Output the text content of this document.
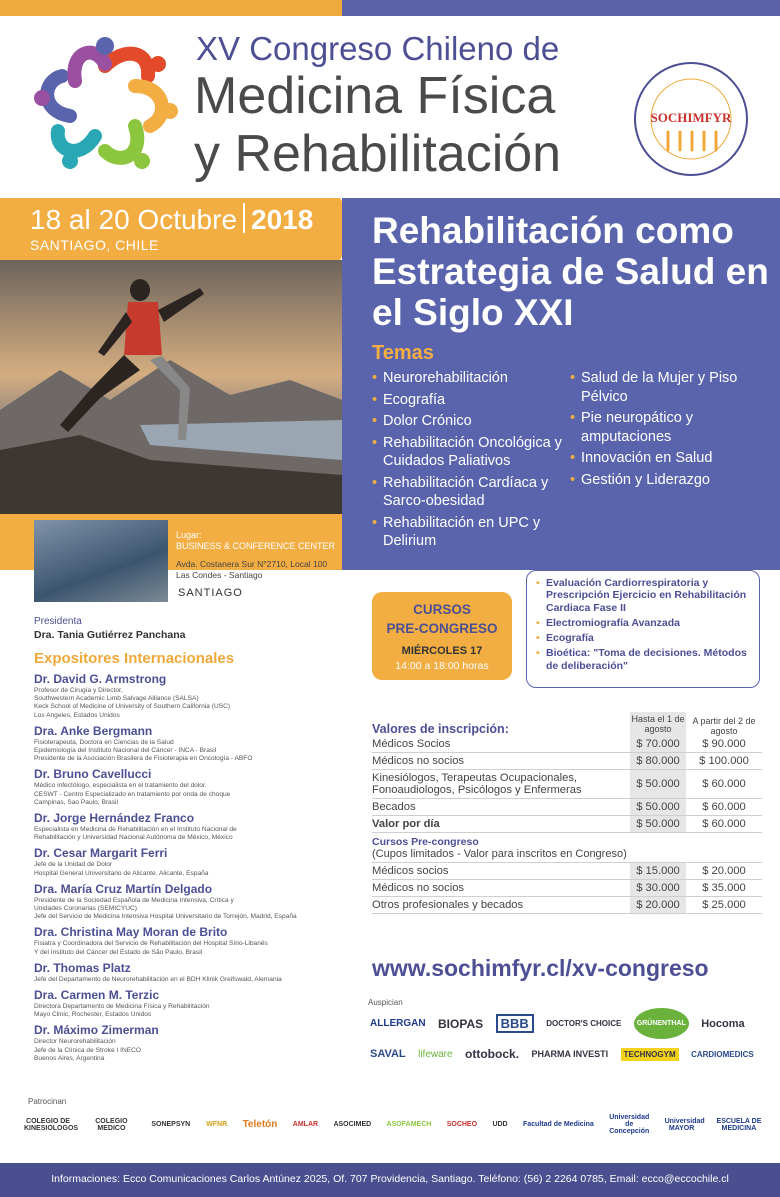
XV Congreso Chileno de
Medicina Física
y Rehabilitación
SOCHIMFYR
18 al 20 Octubre 2018
SANTIAGO, CHILE	Rehabilitación como Estrategia de Salud en el Siglo XXI
Temas
• Neurorehabilitación
• Ecografía
• Dolor Crónico
• Rehabilitación Oncológica y Cuidados Paliativos
• Rehabilitación Cardíaca y Sarco-obesidad
• Rehabilitación en UPC y Delirium
• Salud de la Mujer y Piso Pélvico
• Pie neuropático y amputaciones
• Innovación en Salud
• Gestión y Liderazgo
Lugar:
BUSINESS & CONFERENCE CENTER
Avda. Costanera Sur N°2710, Local 100
Las Condes - Santiago
SANTIAGO
Presidenta
Dra. Tania Gutiérrez Panchana
Expositores Internacionales
Dr. David G. Armstrong
Profesor de Cirugía y Director,
Southwestern Academic Limb Salvage Alliance (SALSA)
Keck School of Medicine of University of Southern California (USC)
Los Angeles, Estados Unidos
Dra. Anke Bergmann
Fisioterapeuta, Doctora en Ciencias de la Salud
Epidemiología del Instituto Nacional del Cáncer - INCA - Brasil
Presidente de la Asociación Brasilera de Fisioterapia en Oncología - ABFO
Dr. Bruno Cavellucci
Médico infectólogo, especialista en el tratamiento del dolor.
CESWT - Centro Especializado en tratamiento por onda de choque
Campinas, Sao Paulo, Brasil
Dr. Jorge Hernández Franco
Especialista en Medicina de Rehabilitación en el Instituto Nacional de
Rehabilitación y Universidad Nacional Autónoma de México, México
Dr. Cesar Margarit Ferri
Jefe de la Unidad de Dolor
Hospital General Universitario de Alicante. Alicante, España
Dra. María Cruz Martín Delgado
Presidente de la Sociedad Española de Medicina Intensiva, Crítica y
Unidades Coronarias (SEMICYUC)
Jefe del Servicio de Medicina Intensiva Hospital Universitario de Torrejón, Madrid, España
Dra. Christina May Moran de Brito
Fisiatra y Coordinadora del Servicio de Rehabilitación del Hospital Sírio-Libanês
Y del Instituto del Cáncer del Estado de São Paulo, Brasil
Dr. Thomas Platz
Jefe del Departamento de Neurorehabilitación en el BDH Klinik Greifswald, Alemania
Dra. Carmen M. Terzic
Directora Departamento de Medicina Física y Rehabilitación
Mayo Clinic, Rochester, Estados Unidos
Dr. Máximo Zimerman
Director Neurorehabilitación
Jefe de la Clínica de Stroke I INECO
Buenos Aires, Argentina
CURSOS
PRE-CONGRESO
MIÉRCOLES 17
14:00 a 18:00 horas
• Evaluación Cardiorrespiratoria y Prescripción Ejercicio en Rehabilitación Cardiaca Fase II
• Electromiografía Avanzada
• Ecografía
• Bioética: "Toma de decisiones. Métodos de deliberación"
Valores de inscripción:
Hasta el 1 de agosto
A partir del 2 de agosto
Médicos Socios	$ 70.000	$ 90.000
Médicos no socios	$ 80.000	$ 100.000
Kinesiólogos, Terapeutas Ocupacionales, Fonoaudiologos, Psicólogos y Enfermeras	$ 50.000	$ 60.000
Becados	$ 50.000	$ 60.000
Valor por día	$ 50.000	$ 60.000
Cursos Pre-congreso
(Cupos limitados - Valor para inscritos en Congreso)
Médicos socios	$ 15.000	$ 20.000
Médicos no socios	$ 30.000	$ 35.000
Otros profesionales y becados	$ 20.000	$ 25.000
www.sochimfyr.cl/xv-congreso
Auspician
ALLERGAN BIOPAS BBB DOCTOR'S CHOICE GRÜNENTHAL Hocoma SAVAL lifeware ottobock. PHARMA INVESTI TECHNOGYM CARDIOMEDICS
Patrocinan
COLEGIO DE KINESIOLOGOS
COLEGIO MEDICO	SONEPSYN WFNR Teletón AMLAR ASOCIMED ASOFAMECH SOCHEO UDD Facultad de Medicina
Universidad de Concepción
Universidad MAYOR
ESCUELA DE MEDICINA
Informaciones: Ecco Comunicaciones Carlos Antúnez 2025, Of. 707 Providencia, Santiago. Teléfono: (56) 2 2264 0785, Email: ecco@eccochile.cl
